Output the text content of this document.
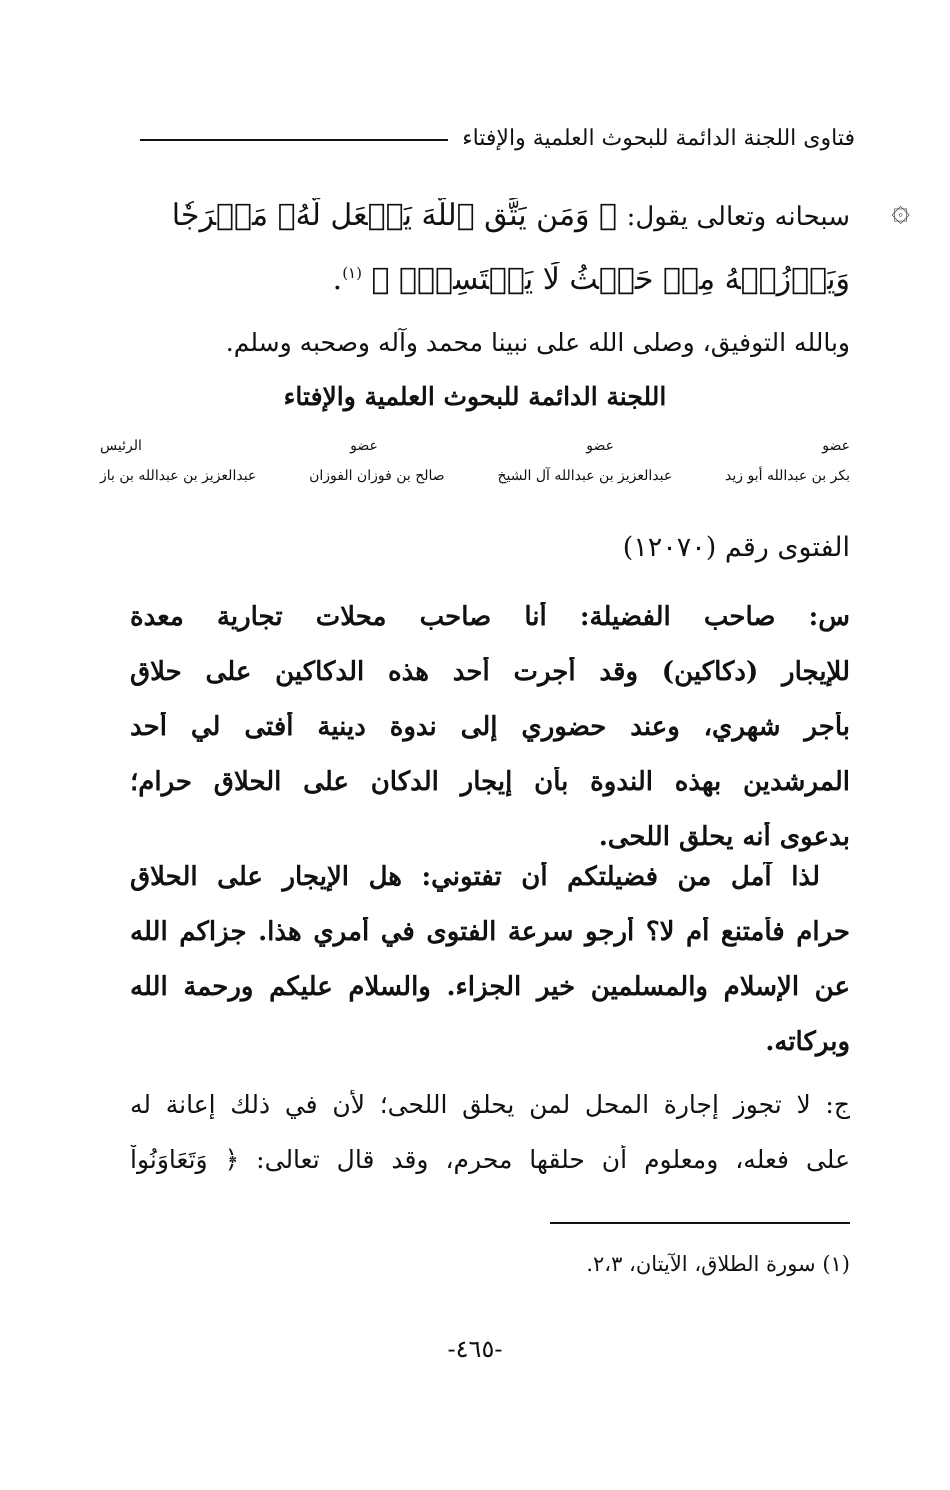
فتاوى اللجنة الدائمة للبحوث العلمية والإفتاء
۞
سبحانه وتعالى يقول: ﴿ وَمَن يَتَّقِ ٱللَّهَ يَجۡعَل لَّهُۥ مَخۡرَجٗا
وَيَرۡزُقۡهُ مِنۡ حَيۡثُ لَا يَحۡتَسِبُۚ ﴾ $^{(١)}$.
وبالله التوفيق، وصلى الله على نبينا محمد وآله وصحبه وسلم.
اللجنة الدائمة للبحوث العلمية والإفتاء
عضو
عضو
عضو
الرئيس
بكر بن عبدالله أبو زيد
عبدالعزيز بن عبدالله آل الشيخ
صالح بن فوزان الفوزان
عبدالعزيز بن عبدالله بن باز
الفتوى رقم (١٢٠٧٠)
س: صاحب الفضيلة: أنا صاحب محلات تجارية معدة
للإيجار (دكاكين) وقد أجرت أحد هذه الدكاكين على حلاق
بأجر شهري، وعند حضوري إلى ندوة دينية أفتى لي أحد
المرشدين بهذه الندوة بأن إيجار الدكان على الحلاق حرام؛
بدعوى أنه يحلق اللحى.
لذا آمل من فضيلتكم أن تفتوني: هل الإيجار على الحلاق
حرام فأمتنع أم لا؟ أرجو سرعة الفتوى في أمري هذا. جزاكم الله
عن الإسلام والمسلمين خير الجزاء. والسلام عليكم ورحمة الله
وبركاته.
ج: لا تجوز إجارة المحل لمن يحلق اللحى؛ لأن في ذلك إعانة له
على فعله، ومعلوم أن حلقها محرم، وقد قال تعالى: ﴿ وَتَعَاوَنُواْ
(١) سورة الطلاق، الآيتان، ٢،٣.
-٤٦٥-
